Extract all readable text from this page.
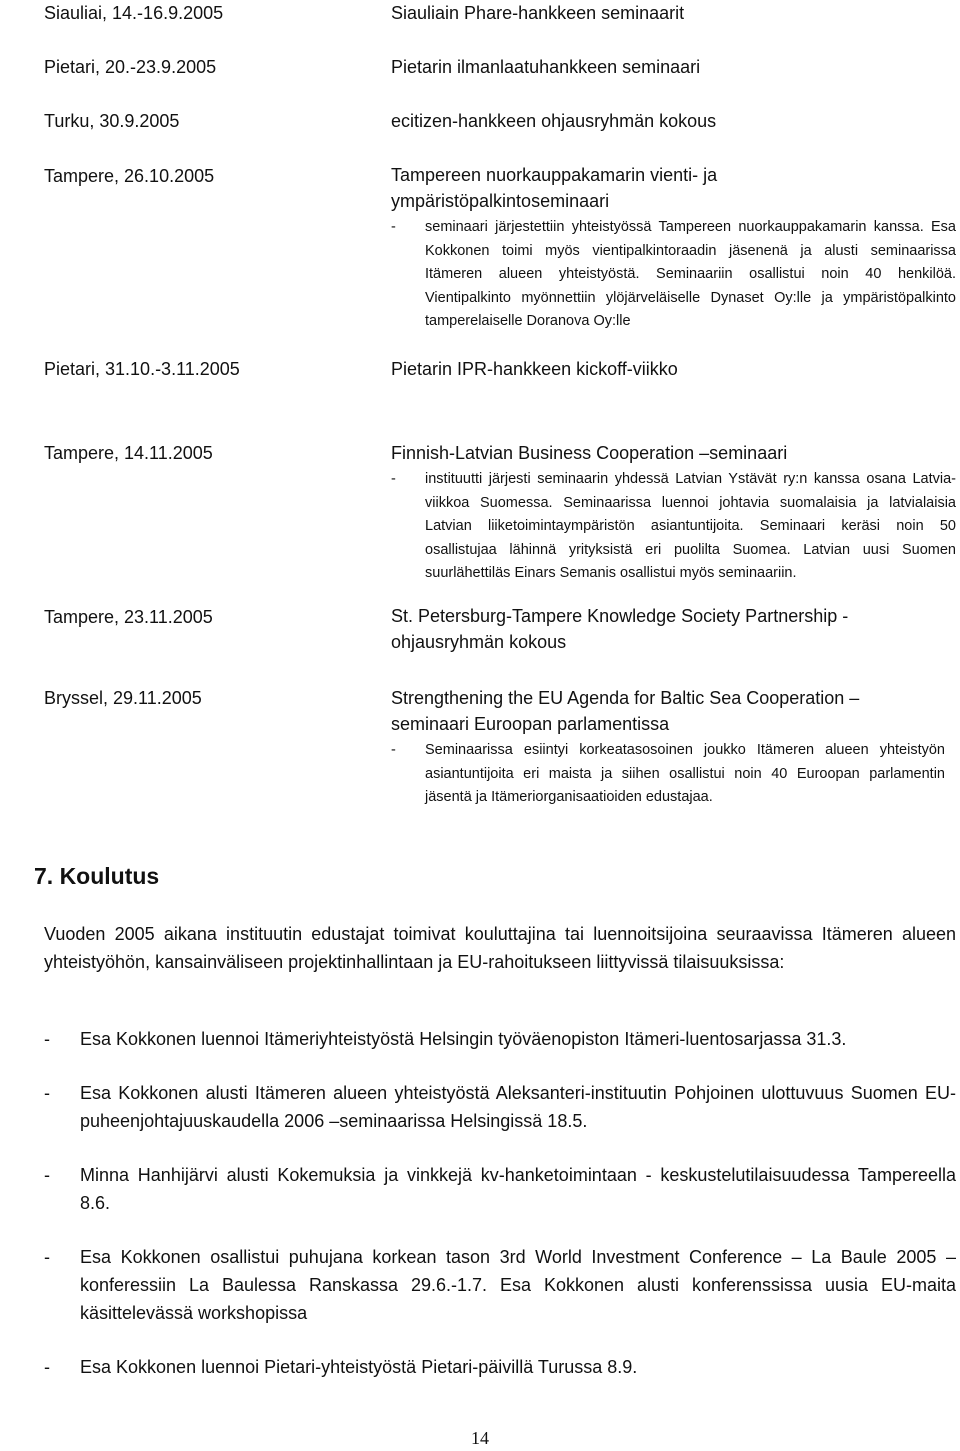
Siauliai, 14.-16.9.2005	Siauliain Phare-hankkeen seminaarit
Pietari, 20.-23.9.2005	Pietarin ilmanlaatuhankkeen seminaari
Turku, 30.9.2005	ecitizen-hankkeen ohjausryhmän kokous
Tampere, 26.10.2005	Tampereen nuorkauppakamarin vienti- ja ympäristöpalkintoseminaari
- seminaari järjestettiin yhteistyössä Tampereen nuorkauppakamarin kanssa. Esa Kokkonen toimi myös vientipalkintoraadin jäsenenä ja alusti seminaarissa Itämeren alueen yhteistyöstä. Seminaariin osallistui noin 40 henkilöä. Vientipalkinto myönnettiin ylöjärveläiselle Dynaset Oy:lle ja ympäristöpalkinto tamperelaiselle Doranova Oy:lle
Pietari, 31.10.-3.11.2005	Pietarin IPR-hankkeen kickoff-viikko
Tampere, 14.11.2005	Finnish-Latvian Business Cooperation –seminaari
- instituutti järjesti seminaarin yhdessä Latvian Ystävät ry:n kanssa osana Latvia-viikkoa Suomessa. Seminaarissa luennoi johtavia suomalaisia ja latvialaisia Latvian liiketoimintaympäristön asiantuntijoita. Seminaari keräsi noin 50 osallistujaa lähinnä yrityksistä eri puolilta Suomea. Latvian uusi Suomen suurlähettiläs Einars Semanis osallistui myös seminaariin.
Tampere, 23.11.2005	St. Petersburg-Tampere Knowledge Society Partnership - ohjausryhmän kokous
Bryssel, 29.11.2005	Strengthening the EU Agenda for Baltic Sea Cooperation – seminaari Euroopan parlamentissa
- Seminaarissa esiintyi korkeatasosoinen joukko Itämeren alueen yhteistyön asiantuntijoita eri maista ja siihen osallistui noin 40 Euroopan parlamentin jäsentä ja Itämeriorganisaatioiden edustajaa.
7. Koulutus
Vuoden 2005 aikana instituutin edustajat toimivat kouluttajina tai luennoitsijoina seuraavissa Itämeren alueen yhteistyöhön, kansainväliseen projektinhallintaan ja EU-rahoitukseen liittyvissä tilaisuuksissa:
- Esa Kokkonen luennoi Itämeriyhteistyöstä Helsingin työväenopiston Itämeri-luentosarjassa 31.3.
- Esa Kokkonen alusti Itämeren alueen yhteistyöstä Aleksanteri-instituutin Pohjoinen ulottuvuus Suomen EU-puheenjohtajuuskaudella 2006 –seminaarissa Helsingissä 18.5.
- Minna Hanhijärvi alusti Kokemuksia ja vinkkejä kv-hanketoimintaan - keskustelutilaisuudessa Tampereella 8.6.
- Esa Kokkonen osallistui puhujana korkean tason 3rd World Investment Conference – La Baule 2005 –konferessiin La Baulessa Ranskassa 29.6.-1.7. Esa Kokkonen alusti konferenssissa uusia EU-maita käsittelevässä workshopissa
- Esa Kokkonen luennoi Pietari-yhteistyöstä Pietari-päivillä Turussa 8.9.
14
